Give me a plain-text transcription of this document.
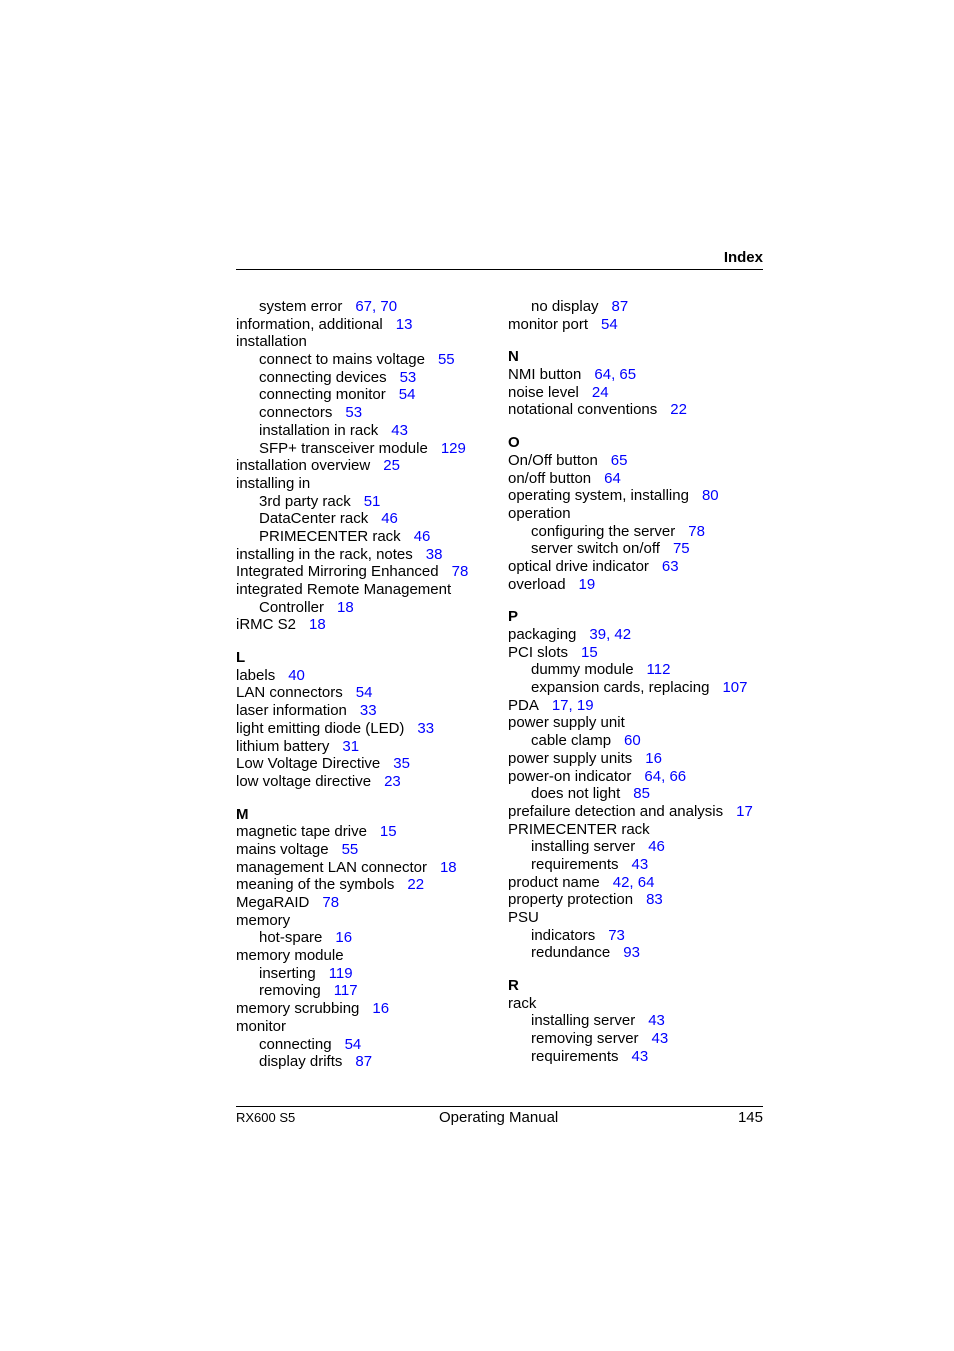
Index
system error 67, 70
information, additional 13
installation
connect to mains voltage 55
connecting devices 53
connecting monitor 54
connectors 53
installation in rack 43
SFP+ transceiver module 129
installation overview 25
installing in
3rd party rack 51
DataCenter rack 46
PRIMECENTER rack 46
installing in the rack, notes 38
Integrated Mirroring Enhanced 78
integrated Remote Management
Controller 18
iRMC S2 18
L
labels 40
LAN connectors 54
laser information 33
light emitting diode (LED) 33
lithium battery 31
Low Voltage Directive 35
low voltage directive 23
M
magnetic tape drive 15
mains voltage 55
management LAN connector 18
meaning of the symbols 22
MegaRAID 78
memory
hot-spare 16
memory module
inserting 119
removing 117
memory scrubbing 16
monitor
connecting 54
display drifts 87
no display 87
monitor port 54
N
NMI button 64, 65
noise level 24
notational conventions 22
O
On/Off button 65
on/off button 64
operating system, installing 80
operation
configuring the server 78
server switch on/off 75
optical drive indicator 63
overload 19
P
packaging 39, 42
PCI slots 15
dummy module 112
expansion cards, replacing 107
PDA 17, 19
power supply unit
cable clamp 60
power supply units 16
power-on indicator 64, 66
does not light 85
prefailure detection and analysis 17
PRIMECENTER rack
installing server 46
requirements 43
product name 42, 64
property protection 83
PSU
indicators 73
redundance 93
R
rack
installing server 43
removing server 43
requirements 43
RX600 S5	Operating Manual	145
